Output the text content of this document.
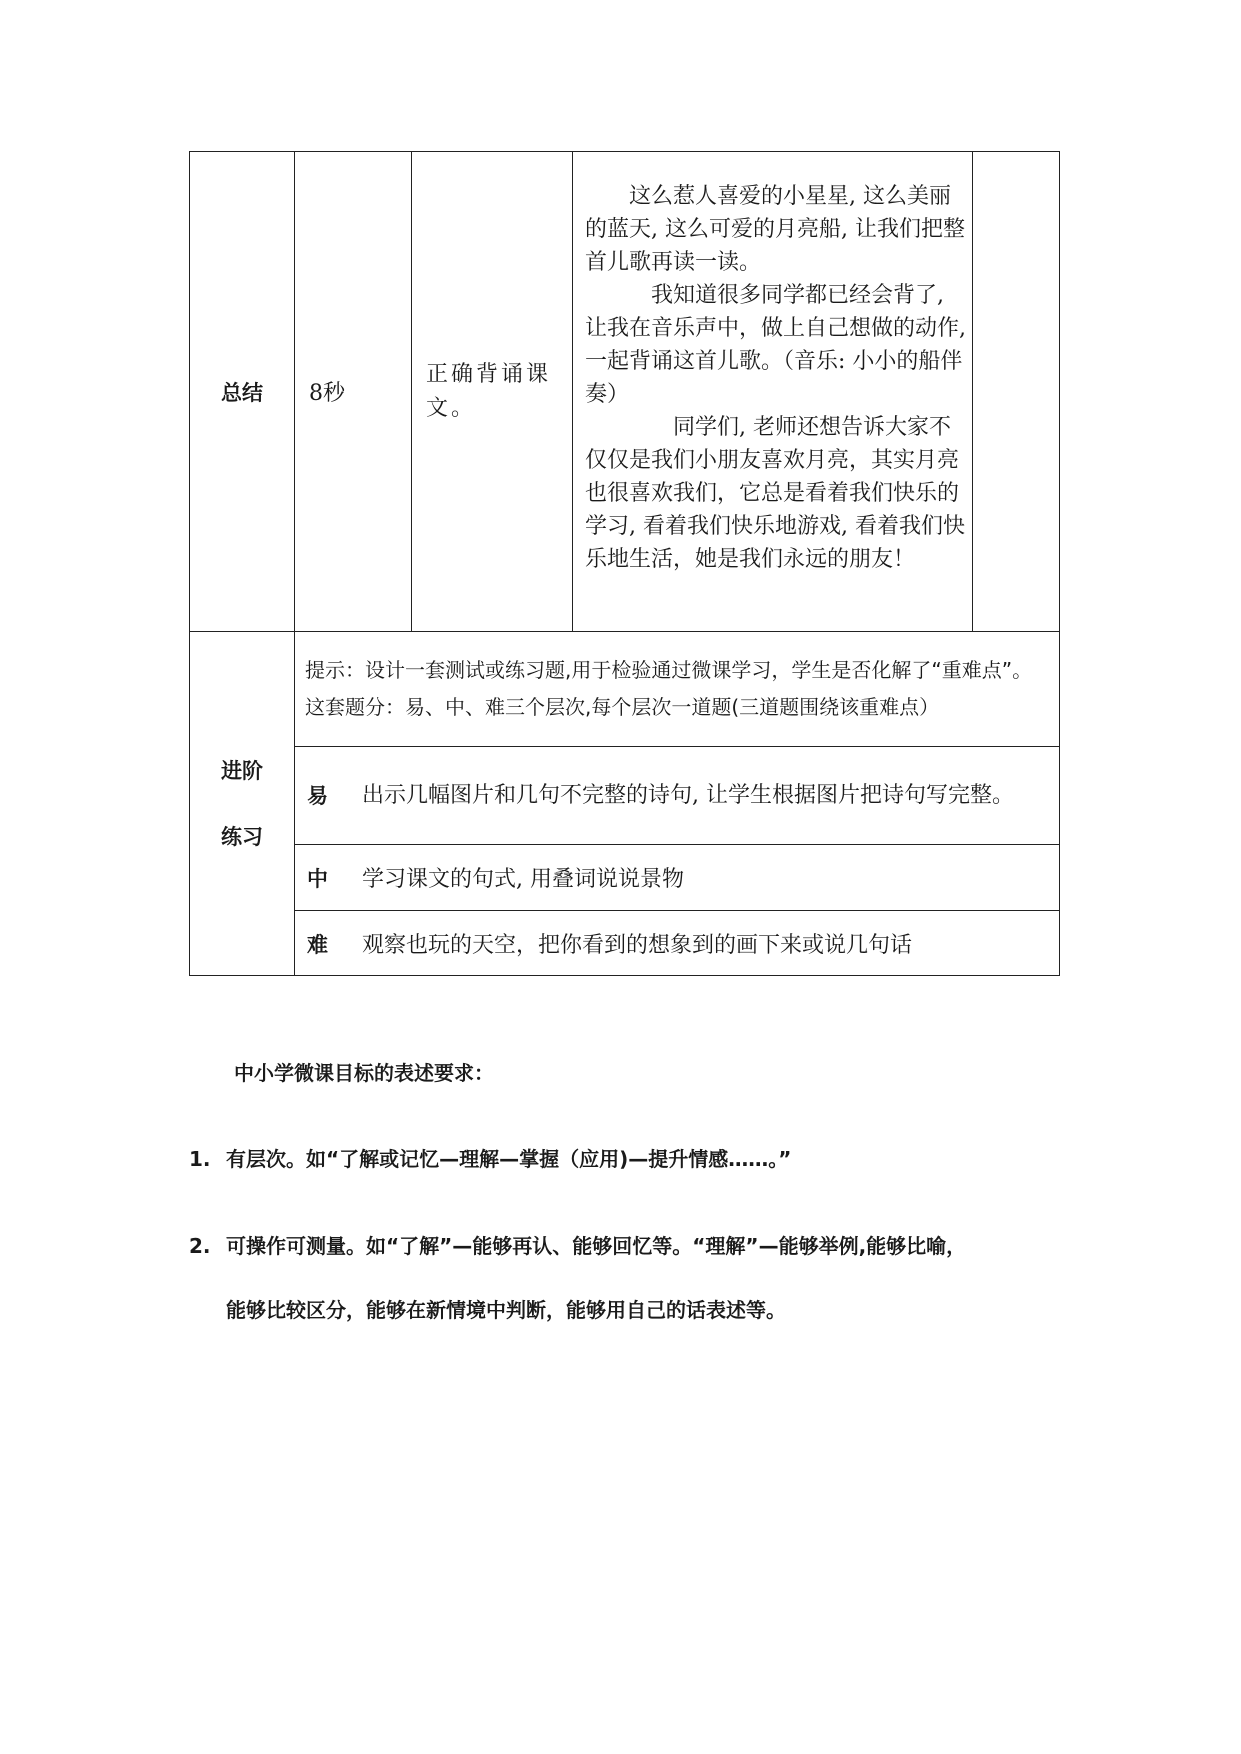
总结	8秒	正确背诵课文。	这么惹人喜爱的小星星, 这么美丽的蓝天, 这么可爱的月亮船, 让我们把整首儿歌再读一读。

我知道很多同学都已经会背了, 让我在音乐声中，做上自己想做的动作, 一起背诵这首儿歌。（音乐: 小小的船伴奏）

同学们, 老师还想告诉大家不仅仅是我们小朋友喜欢月亮，其实月亮也很喜欢我们，它总是看着我们快乐的学习, 看着我们快乐地游戏, 看着我们快乐地生活，她是我们永远的朋友！	

进阶
练习	提示：设计一套测试或练习题,用于检验通过微课学习，学生是否化解了“重难点”。这套题分：易、中、难三个层次,每个层次一道题(三道题围绕该重难点）			

	易 出示几幅图片和几句不完整的诗句, 让学生根据图片把诗句写完整。			

	中 学习课文的句式, 用叠词说说景物			
	难 观察也玩的天空，把你看到的想象到的画下来或说几句话			
中小学微课目标的表述要求：
1. 有层次。如“了解或记忆—理解—掌握（应用)—提升情感……。”
2. 可操作可测量。如“了解”—能够再认、能够回忆等。“理解”—能够举例,能够比喻，
能够比较区分，能够在新情境中判断，能够用自己的话表述等。
